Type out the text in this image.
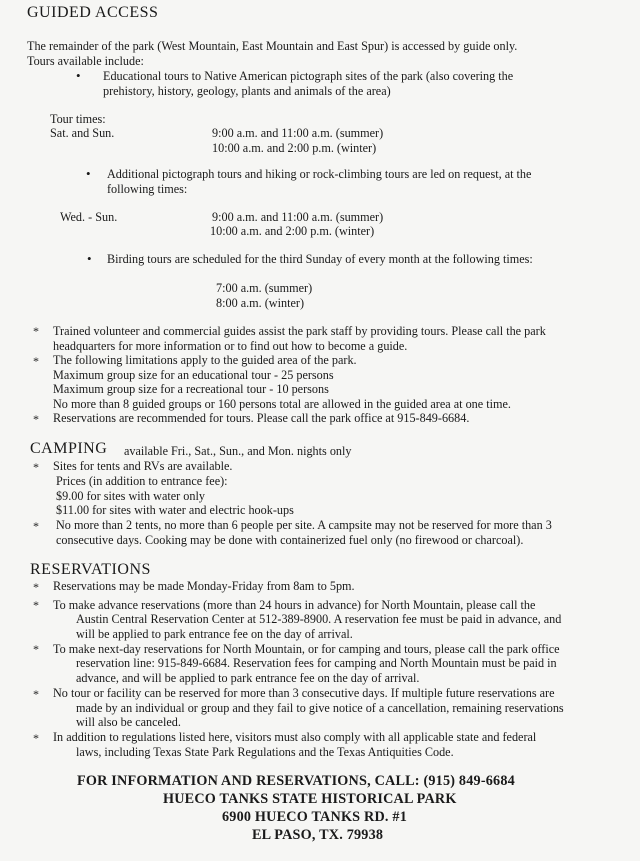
GUIDED ACCESS
The remainder of the park (West Mountain, East Mountain and East Spur) is accessed by guide only.
Tours available include:
• Educational tours to Native American pictograph sites of the park (also covering the
prehistory, history, geology, plants and animals of the area)
Tour times:
Sat. and Sun.	9:00 a.m. and 11:00 a.m. (summer)
10:00 a.m. and 2:00 p.m. (winter)
• Additional pictograph tours and hiking or rock-climbing tours are led on request, at the
following times:
Wed. - Sun.	9:00 a.m. and 11:00 a.m. (summer)
10:00 a.m. and 2:00 p.m. (winter)
• Birding tours are scheduled for the third Sunday of every month at the following times:
7:00 a.m. (summer)
8:00 a.m. (winter)
* Trained volunteer and commercial guides assist the park staff by providing tours. Please call the park
headquarters for more information or to find out how to become a guide.
* The following limitations apply to the guided area of the park.
Maximum group size for an educational tour - 25 persons
Maximum group size for a recreational tour - 10 persons
No more than 8 guided groups or 160 persons total are allowed in the guided area at one time.
* Reservations are recommended for tours. Please call the park office at 915-849-6684.
CAMPING available Fri., Sat., Sun., and Mon. nights only
* Sites for tents and RVs are available.
Prices (in addition to entrance fee):
$9.00 for sites with water only
$11.00 for sites with water and electric hook-ups
* No more than 2 tents, no more than 6 people per site. A campsite may not be reserved for more than 3
consecutive days. Cooking may be done with containerized fuel only (no firewood or charcoal).
RESERVATIONS
* Reservations may be made Monday-Friday from 8am to 5pm.
* To make advance reservations (more than 24 hours in advance) for North Mountain, please call the
Austin Central Reservation Center at 512-389-8900. A reservation fee must be paid in advance, and
will be applied to park entrance fee on the day of arrival.
* To make next-day reservations for North Mountain, or for camping and tours, please call the park office
reservation line: 915-849-6684. Reservation fees for camping and North Mountain must be paid in
advance, and will be applied to park entrance fee on the day of arrival.
* No tour or facility can be reserved for more than 3 consecutive days. If multiple future reservations are
made by an individual or group and they fail to give notice of a cancellation, remaining reservations
will also be canceled.
* In addition to regulations listed here, visitors must also comply with all applicable state and federal
laws, including Texas State Park Regulations and the Texas Antiquities Code.
FOR INFORMATION AND RESERVATIONS, CALL: (915) 849-6684
HUECO TANKS STATE HISTORICAL PARK
6900 HUECO TANKS RD. #1
EL PASO, TX. 79938
